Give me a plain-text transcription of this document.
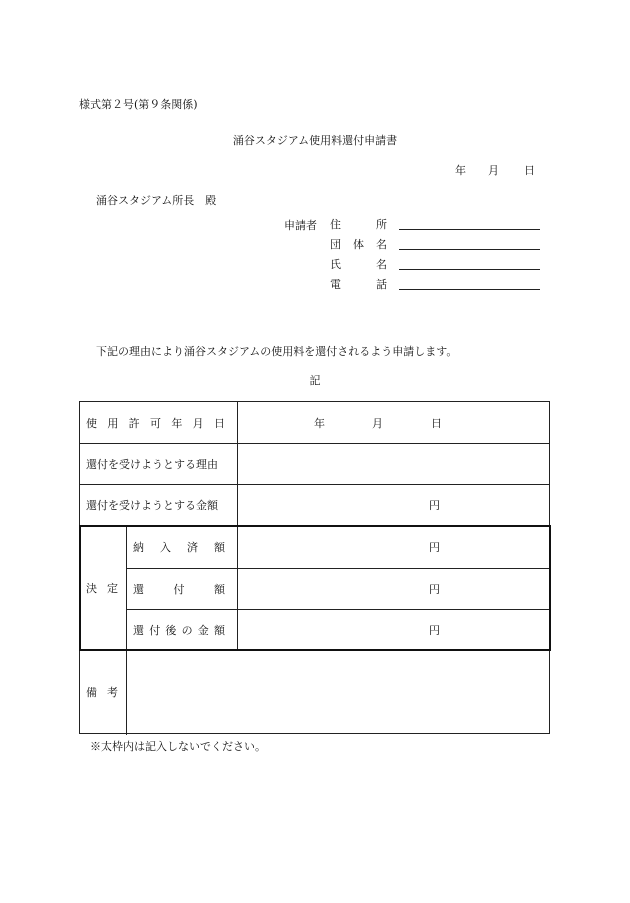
様式第２号(第９条関係)
涌谷スタジアム使用料還付申請書
年 月 日
涌谷スタジアム所長　殿
申請者 住	所
団 体 名
氏	名
電	話
下記の理由により涌谷スタジアムの使用料を還付されるよう申請します。
記
使 用 許 可 年 月 日	年	月	日
還付を受けようとする理由
還付を受けようとする金額	円
決 定
納 入 済 額	円
還	付	額	円
還 付 後 の 金 額	円
備 考
※太枠内は記入しないでください。
